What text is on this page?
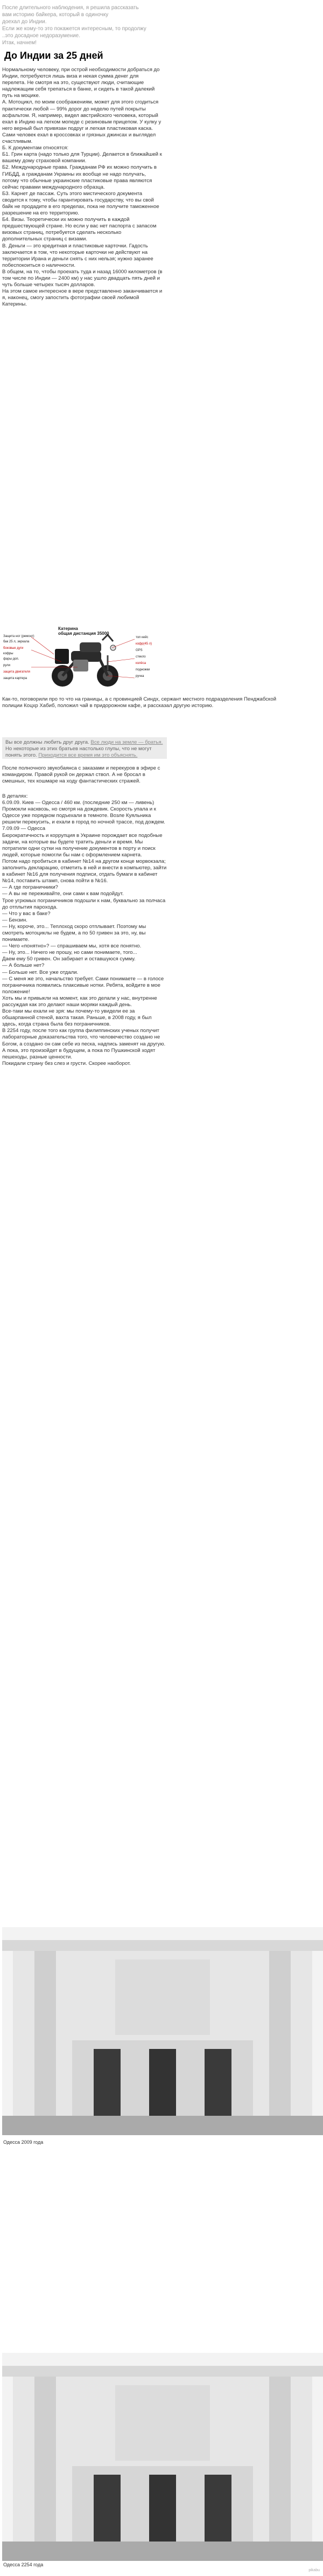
После длительного наблюдения, я решила рассказать
вам историю байкера, который в одиночку
доехал до Индии.
Если же кому-то это покажется интересным, то продолжу
..это досадное недоразумение.
Итак, начнем!
До Индии за 25 дней

Нормальному человеку, при острой необходимости добраться до Индии, потребуются лишь виза и некая сумма денег для перелета. Не смотря на это, существуют люди, считающие надлежащим себя трепаться в банке, и сидеть в такой далекий путь на моцике.

А. Мотоцикл, по моим соображениям, может для этого сгодиться практически любой — 99% дорог до неделю путей покрыты асфальтом. Я, например, видел австрийского человека, который ехал в Индию на легком мопеде с резиновым прицепом. У кулку у него верный был привязан подруг и легкая пластиковая каска. Сами человек ехал в кроссовках и грязных джинсах и выглядел счастливым.

Б. К документам относятся:

Б1. Грин карта (надо только для Турции). Делается в ближайшей к вашему дому страховой компании.

Б2. Международные права. Гражданам РФ их можно получить в ГИБДД, а гражданам Украины их вообще не надо получать, потому что обычные украинские пластиковые права являются сейчас правами международного образца.

Б3. Карнет де пассаж. Суть этого мистического документа сводится к тому, чтобы гарантировать государству, что вы свой байк не продадите в его пределах, пока не получите таможенное разрешение на его территорию.

Б4. Визы. Теоретически их можно получить в каждой предшествующей стране. Но если у вас нет паспорта с запасом визовых страниц, потребуется сделать несколько дополнительных страниц с визами.

В. Деньги — это кредитная и пластиковые карточки. Гадость заключается в том, что некоторые карточки не действуют на территории Ирана и деньги снять с них нельзя; нужно заранее побеспокоиться о наличности.

В общем, на то, чтобы проехать туда и назад 16000 километров (в том числе по Индии — 2400 км) у нас ушло двадцать пять дней и чуть больше четырех тысяч долларов.

На этом самое интересное в вере представленно заканчивается и я, наконец, смогу запостить фотографии своей любимой Катерины.

Катерина
общая дистанция 35000
Защита ног (ремонт)
бак 25 л, зеркала
боковые дуги
кофры
фары доп.
рули
защита двигателя
защита картера
топ кейс
кофр(45 л)
GPS
стекло
колёса
подножки
ручка
Как-то, поговорили про то что на границы, а с провинцией Синдх, сержант местного подразделения Пенджабской полиции Коцхр Хабиб, положил чай в придорожном кафе, и рассказал другую историю.
Вы все должны любить друг друга. Все люди на земле — братья. Но некоторые из этих братьев настолько глупы, что не могут понять этого. Приходится все время им это объяснять.
После полночного звукобаянса с заказами и перекуров в эфире с командиром. Правой рукой он держал ствол. А не бросал в смешных, тех кошмаре на ходу фантастических стражей.

В деталях:

6.09.09. Киев — Одесса / 460 км. (последние 250 км — ливень)

Промокли насквозь, но смотря на дождевик. Скорость упала и к Одессе уже порядком подъехали в темноте. Возле Куяльника решили перекусить, и ехали в город по ночной трассе, под дождем.

7.09.09 — Одесса

Бюрократичность и коррупция в Украине порождает все подобные задачи, на которые вы будете тратить деньги и время. Мы потратили одни сутки на получение документов в порту и поиск людей, которые помогли бы нам с оформлением карнета.

Потом надо пробиться в кабинет №14 на другом конце морвокзала; заполнить декларацию, отметить в ней и внести в компьютер, зайти в кабинет №16 для получения подписи, отдать бумаги в кабинет №14, поставить штамп, снова пойти в №16.

— А где пограничники?

— А вы не переживайте, они сами к вам подойдут.

Трое угрюмых пограничников подошли к нам, буквально за полчаса до отплытия парохода.

— Что у вас в баке?

— Бензин.

— Ну, короче, это... Теплоход скоро отплывает. Поэтому мы смотреть мотоциклы не будем, а по 50 гривен за это, ну, вы понимаете.

— Чего «понятно»? — спрашиваем мы, хотя все понятно.

— Ну, это... Ничего не прошу, но сами понимаете, того...

Даем ему 50 гривен. Он забирает и оставшуюся сумму.

— А больше нет?

— Больше нет. Все уже отдали.

— С меня же это, начальство требует. Сами понимаете — в голосе пограничника появились плаксивые нотки. Ребята, войдите в мое положение!

Хоть мы и привыкли на момент, как это делали у нас, внутренне рассуждая как это делают наши моряки каждый день.

Все-таки мы ехали не зря: мы почему-то увидели ее за обшарпанной стеной, вахта такая. Раньше, в 2008 году, я был здесь, когда страна была без пограничников.

В 2254 году, после того как группа филиппинских ученых получит лабораторные доказательства того, что человечество создано не Богом, а создано он сам себе из песка, надпись заменят на другую. А пока, это произойдет в будущем, а пока по Пушкинской ходят пешеходы, разные ценности.

Покидали страну без слез и грусти. Скорее наоборот.

Одесса 2009 года
Одесса 2254 года
pikabu
